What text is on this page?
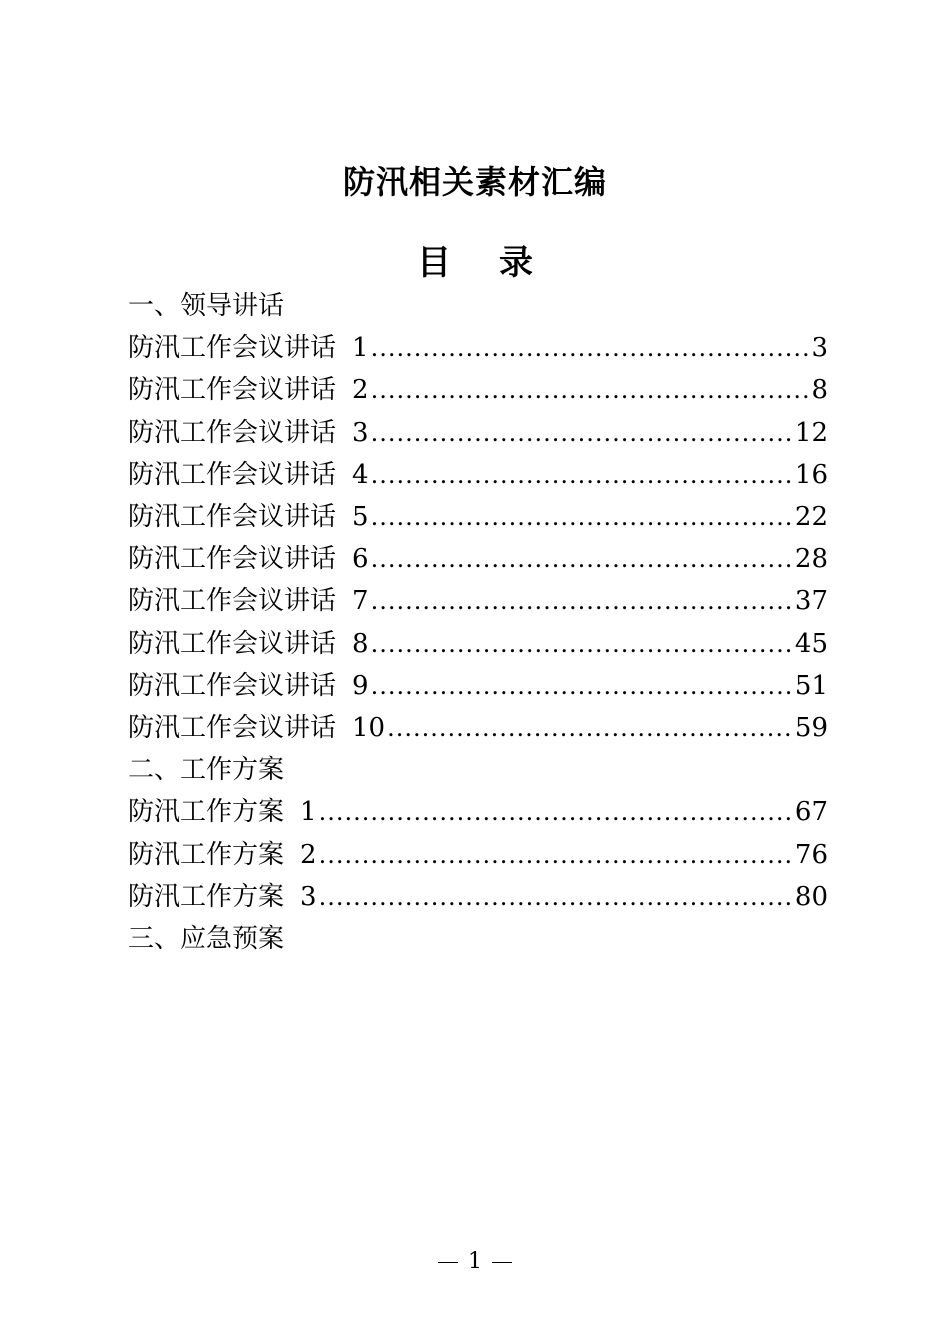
防汛相关素材汇编
目 录
一、领导讲话
防汛工作会议讲话 1 .....	3
防汛工作会议讲话 2 .....	8
防汛工作会议讲话 3 .....	12
防汛工作会议讲话 4 .....	16
防汛工作会议讲话 5 .....	22
防汛工作会议讲话 6 .....	28
防汛工作会议讲话 7 .....	37
防汛工作会议讲话 8 .....	45
防汛工作会议讲话 9 .....	51
防汛工作会议讲话 10 .....	59
二、工作方案
防汛工作方案 1 .....	67
防汛工作方案 2 .....	76
防汛工作方案 3 .....	80
三、应急预案
1
